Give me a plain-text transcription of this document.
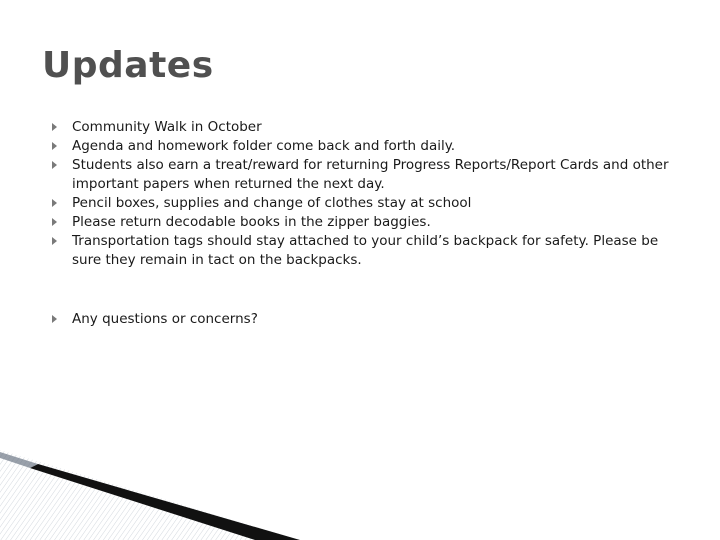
Updates
Community Walk in October
Agenda and homework folder come back and forth daily.
Students also earn a treat/reward for returning Progress Reports/Report Cards and other important papers when returned the next day.
Pencil boxes, supplies and change of clothes stay at school
Please return decodable books in the zipper baggies.
Transportation tags should stay attached to your child’s backpack for safety. Please be sure they remain in tact on the backpacks.
Any questions or concerns?
